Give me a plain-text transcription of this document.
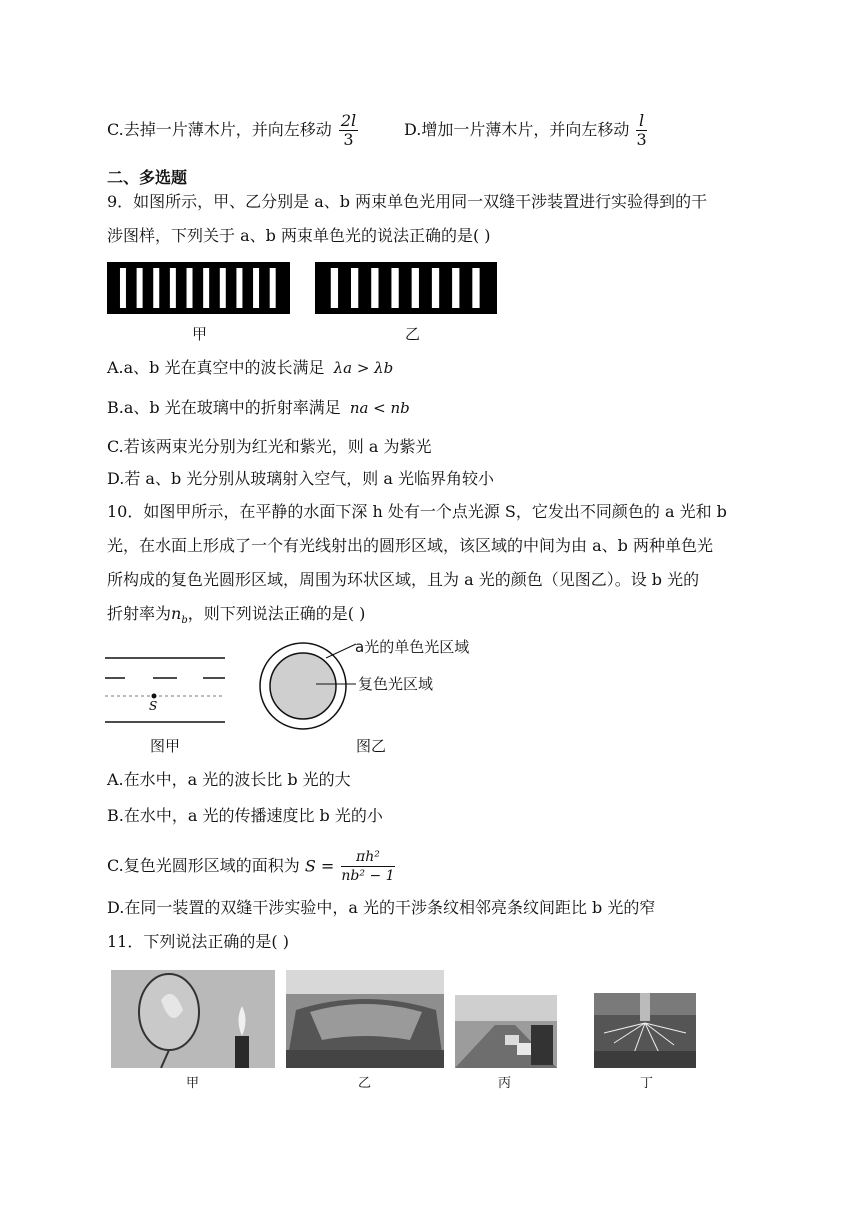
C.去掉一片薄木片，并向左移动 $\frac{2l}{3}$	D.增加一片薄木片，并向左移动 $\frac{l}{3}$
二、多选题
9．如图所示，甲、乙分别是 a、b 两束单色光用同一双缝干涉装置进行实验得到的干
涉图样，下列关于 a、b 两束单色光的说法正确的是( )
甲	乙
A.a、b 光在真空中的波长满足 λa > λb
B.a、b 光在玻璃中的折射率满足 na < nb
C.若该两束光分别为红光和紫光，则 a 为紫光
D.若 a、b 光分别从玻璃射入空气，则 a 光临界角较小
10．如图甲所示，在平静的水面下深 h 处有一个点光源 S，它发出不同颜色的 a 光和 b
光，在水面上形成了一个有光线射出的圆形区域，该区域的中间为由 a、b 两种单色光
所构成的复色光圆形区域，周围为环状区域，且为 a 光的颜色（见图乙）。设 b 光的
折射率为$n_b$，则下列说法正确的是( )
S
图甲
a光的单色光区域
复色光区域
图乙
A.在水中，a 光的波长比 b 光的大
B.在水中，a 光的传播速度比 b 光的小
C.复色光圆形区域的面积为 $S = \frac{\text{πh²}}{\text{nb² − 1}}$
D.在同一装置的双缝干涉实验中，a 光的干涉条纹相邻亮条纹间距比 b 光的窄
11．下列说法正确的是( )
甲	乙	丙	丁
